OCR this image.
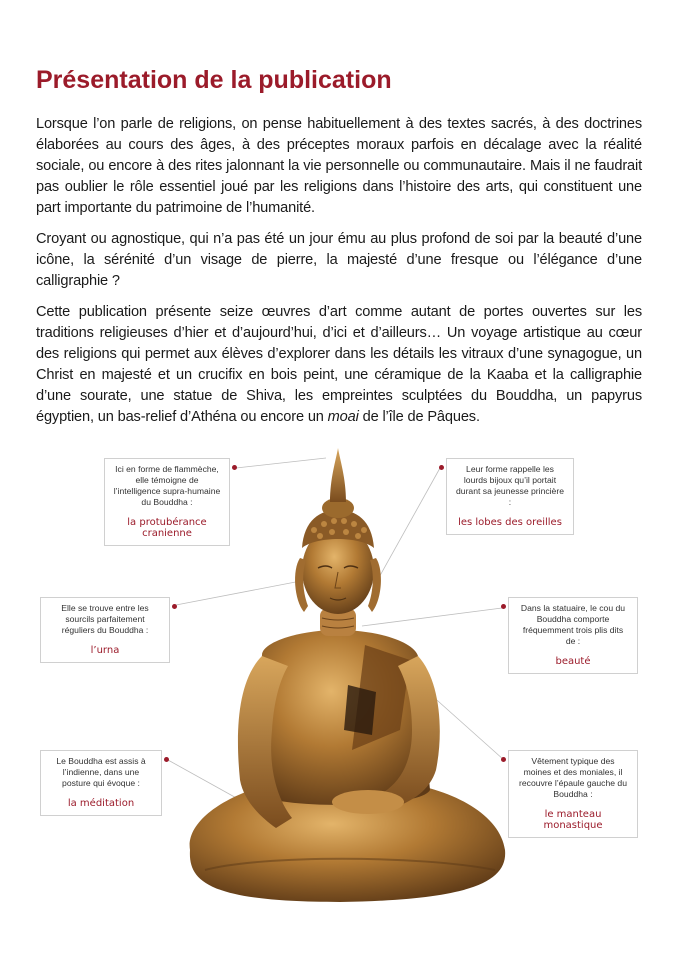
Présentation de la publication

Lorsque l’on parle de religions, on pense habituellement à des textes sacrés, à des doctrines élaborées au cours des âges, à des préceptes moraux parfois en décalage avec la réalité sociale, ou encore à des rites jalonnant la vie personnelle ou communautaire. Mais il ne faudrait pas oublier le rôle essentiel joué par les religions dans l’histoire des arts, qui constituent une part importante du patrimoine de l’humanité.

Croyant ou agnostique, qui n’a pas été un jour ému au plus profond de soi par la beauté d’une icône, la sérénité d’un visage de pierre, la majesté d’une fresque ou l’élégance d’une calligraphie ?

Cette publication présente seize œuvres d’art comme autant de portes ouvertes sur les traditions religieuses d’hier et d’aujourd’hui, d’ici et d’ailleurs… Un voyage artistique au cœur des religions qui permet aux élèves d’explorer dans les détails les vitraux d’une synagogue, un Christ en majesté et un crucifix en bois peint, une céramique de la Kaaba et la calligraphie d’une sourate, une statue de Shiva, les empreintes sculptées du Bouddha, un papyrus égyptien, un bas-relief d’Athéna ou encore un moai de l’île de Pâques.

Ici en forme de flammèche, elle témoigne de l’intelligence supra-humaine du Bouddha :
la protubérance cranienne
Leur forme rappelle les lourds bijoux qu’il portait durant sa jeunesse princière :
les lobes des oreilles
Elle se trouve entre les sourcils parfaitement réguliers du Bouddha :
l’urna
Dans la statuaire, le cou du Bouddha comporte fréquemment trois plis dits de :
beauté
Le Bouddha est assis à l’indienne, dans une posture qui évoque :
la méditation
Vêtement typique des moines et des moniales, il recouvre l’épaule gauche du Bouddha :
le manteau monastique
